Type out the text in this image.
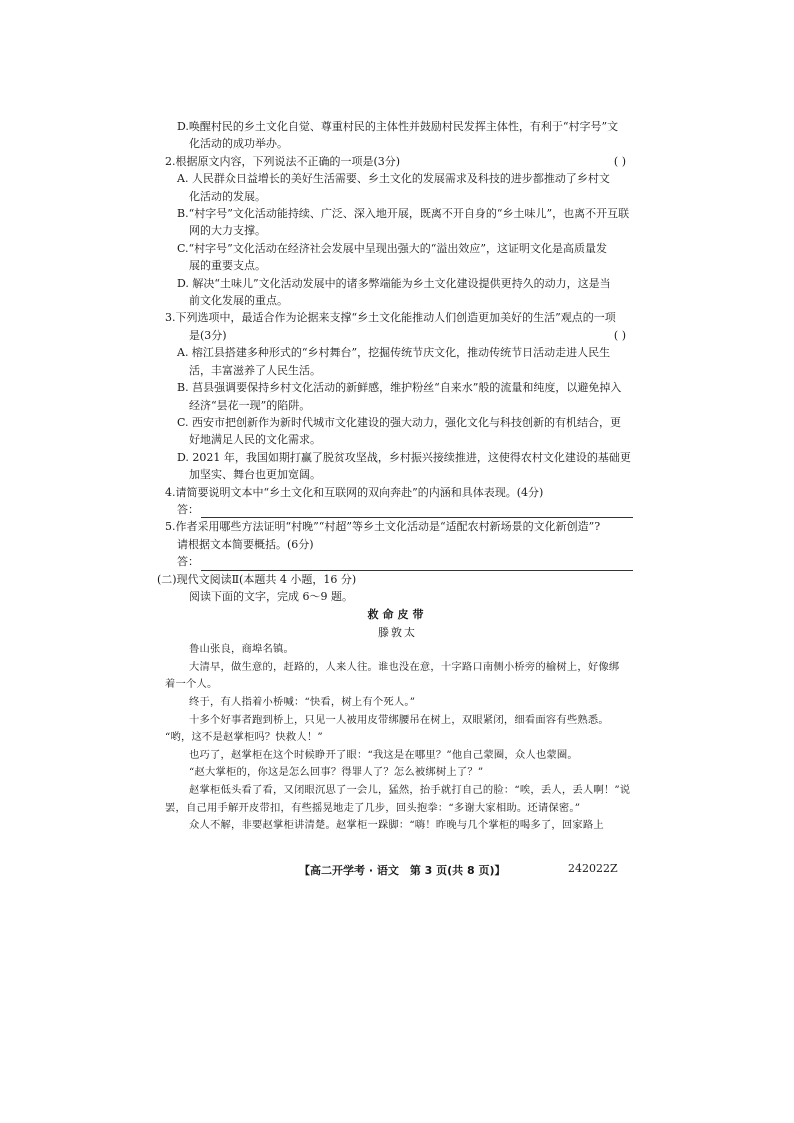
D.唤醒村民的乡土文化自觉、尊重村民的主体性并鼓励村民发挥主体性，有利于“村字号”文
化活动的成功举办。
2.根据原文内容，下列说法不正确的一项是(3分)	( )
A. 人民群众日益增长的美好生活需要、乡土文化的发展需求及科技的进步都推动了乡村文
化活动的发展。
B.“村字号”文化活动能持续、广泛、深入地开展，既离不开自身的“乡土味儿”，也离不开互联
网的大力支撑。
C.“村字号”文化活动在经济社会发展中呈现出强大的“溢出效应”，这证明文化是高质量发
展的重要支点。
D. 解决“土味儿”文化活动发展中的诸多弊端能为乡土文化建设提供更持久的动力，这是当
前文化发展的重点。
3.下列选项中，最适合作为论据来支撑“乡土文化能推动人们创造更加美好的生活”观点的一项
是(3分)	( )
A. 榕江县搭建多种形式的“乡村舞台”，挖掘传统节庆文化，推动传统节日活动走进人民生
活，丰富滋养了人民生活。
B. 莒县强调要保持乡村文化活动的新鲜感，维护粉丝“自来水”般的流量和纯度，以避免掉入
经济“昙花一现”的陷阱。
C. 西安市把创新作为新时代城市文化建设的强大动力，强化文化与科技创新的有机结合，更
好地满足人民的文化需求。
D. 2021 年，我国如期打赢了脱贫攻坚战，乡村振兴接续推进，这使得农村文化建设的基础更
加坚实、舞台也更加宽阔。
4.请简要说明文本中“乡土文化和互联网的双向奔赴”的内涵和具体表现。(4分)
答：
5.作者采用哪些方法证明“村晚”“村超”等乡土文化活动是“适配农村新场景的文化新创造”?
请根据文本简要概括。(6分)
答：
(二)现代文阅读Ⅱ(本题共 4 小题，16 分)
阅读下面的文字，完成 6～9 题。
救命皮带
滕敦太
鲁山张良，商埠名镇。
大清早，做生意的，赶路的，人来人往。谁也没在意，十字路口南侧小桥旁的榆树上，好像绑
着一个人。
终于，有人指着小桥喊：“快看，树上有个死人。”
十多个好事者跑到桥上，只见一人被用皮带绑腰吊在树上，双眼紧闭，细看面容有些熟悉。
“哟，这不是赵掌柜吗？快救人！”
也巧了，赵掌柜在这个时候睁开了眼：“我这是在哪里？”他自己蒙圈，众人也蒙圈。
“赵大掌柜的，你这是怎么回事？得罪人了？怎么被绑树上了？”
赵掌柜低头看了看，又闭眼沉思了一会儿，猛然，抬手就打自己的脸：“唉，丢人，丢人啊！”说
罢，自己用手解开皮带扣，有些摇晃地走了几步，回头抱拳：“多谢大家相助。还请保密。”
众人不解，非要赵掌柜讲清楚。赵掌柜一跺脚：“嗨！昨晚与几个掌柜的喝多了，回家路上
【高二开学考 · 语文　第 3 页(共 8 页)】	242022Z
